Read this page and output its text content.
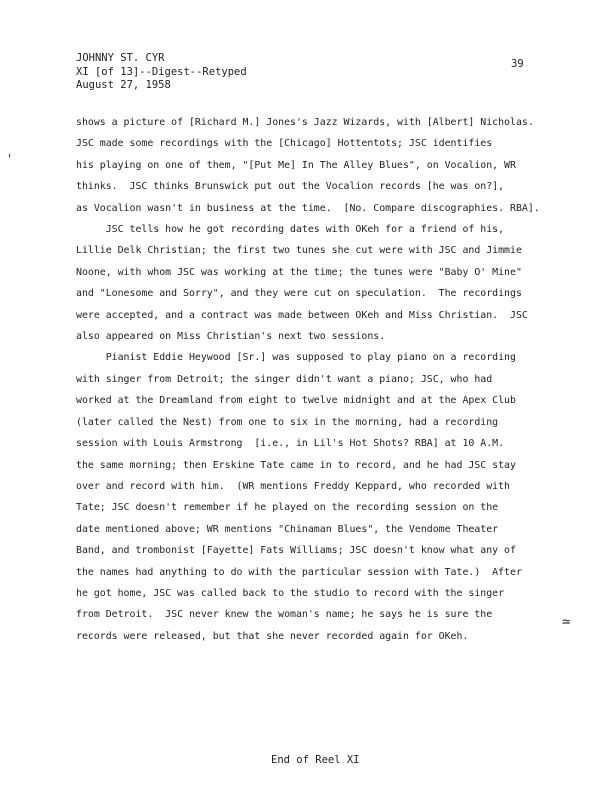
JOHNNY ST. CYR
XI [of 13]--Digest--Retyped
August 27, 1958
39
shows a picture of [Richard M.] Jones's Jazz Wizards, with [Albert] Nicholas.
JSC made some recordings with the [Chicago] Hottentots; JSC identifies
his playing on one of them, "[Put Me] In The Alley Blues", on Vocalion, WR
thinks.  JSC thinks Brunswick put out the Vocalion records [he was on?],
as Vocalion wasn't in business at the time.  [No. Compare discographies. RBA].
JSC tells how he got recording dates with OKeh for a friend of his,
Lillie Delk Christian; the first two tunes she cut were with JSC and Jimmie
Noone, with whom JSC was working at the time; the tunes were "Baby O' Mine"
and "Lonesome and Sorry", and they were cut on speculation.  The recordings
were accepted, and a contract was made between OKeh and Miss Christian.  JSC
also appeared on Miss Christian's next two sessions.
Pianist Eddie Heywood [Sr.] was supposed to play piano on a recording
with singer from Detroit; the singer didn't want a piano; JSC, who had
worked at the Dreamland from eight to twelve midnight and at the Apex Club
(later called the Nest) from one to six in the morning, had a recording
session with Louis Armstrong  [i.e., in Lil's Hot Shots? RBA] at 10 A.M.
the same morning; then Erskine Tate came in to record, and he had JSC stay
over and record with him.  (WR mentions Freddy Keppard, who recorded with
Tate; JSC doesn't remember if he played on the recording session on the
date mentioned above; WR mentions "Chinaman Blues", the Vendome Theater
Band, and trombonist [Fayette] Fats Williams; JSC doesn't know what any of
the names had anything to do with the particular session with Tate.)  After
he got home, JSC was called back to the studio to record with the singer
from Detroit.  JSC never knew the woman's name; he says he is sure the
records were released, but that she never recorded again for OKeh.
End of Reel XI
'
≃
